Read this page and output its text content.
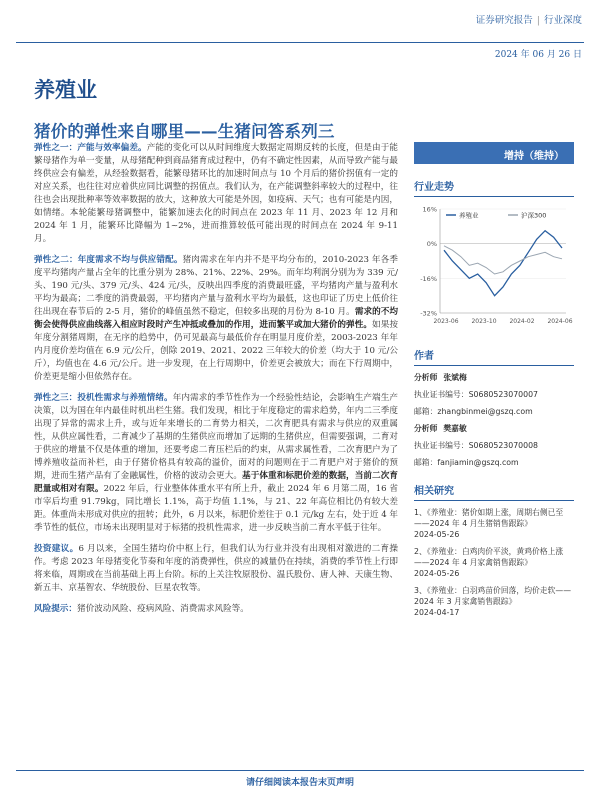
证券研究报告 | 行业深度
2024 年 06 月 26 日
养殖业
猪价的弹性来自哪里——生猪问答系列三

弹性之一：产能与效率偏差。产能的变化可以从时间维度大数据定周期反转的长度，但是由于能繁母猪作为单一变量，从母猪配种到商品猪育成过程中，仍有不确定性因素，从而导致产能与最终供应会有偏差，从经验数据看，能繁母猪环比的加速时间点与 10 个月后的猪价拐值有一定的对应关系，也往往对应着供应同比调整的拐值点。我们认为，在产能调整斜率较大的过程中，往往也会出现批种率等效率数据的放大，这种放大可能是外因，如疫病、天气；也有可能是内因，如情绪。本轮能繁母猪调整中，能繁加速去化的时间点在 2023 年 11 月、2023 年 12 月和 2024 年 1 月，能繁环比降幅为 1~2%，进而推算较低可能出现的时间点在 2024 年 9-11 月。

弹性之二：年度需求不均与供应错配。猪肉需求在年内并不是平均分布的，2010-2023 年各季度平均猪肉产量占全年的比重分别为 28%、21%、22%、29%。而年均利润分别为为 339 元/头、190 元/头、379 元/头、424 元/头，反映出四季度的消费最旺盛，平均猪肉产量与盈利水平均为最高；二季度的消费最弱，平均猪肉产量与盈利水平均为最低，这也印证了历史上低价往往出现在春节后的 2-5 月，猪价的峰值虽然不稳定，但较多出现的月份为 8-10 月。需求的不均衡会使得供应曲线落入相应时段时产生冲抵或叠加的作用，进而繁平或加大猪价的弹性。如果按年度分割猪周期，在无序的趋势中，仍可见最高与最低价存在明显月度价差，2003-2023 年年内月度价差均值在 6.9 元/公斤，创除 2019、2021、2022 三年较大的价差（均大于 10 元/公斤），均值也在 4.6 元/公斤。进一步发现，在上行周期中，价差更会被放大；而在下行周期中，价差更是缩小但依然存在。

弹性之三：投机性需求与养殖情绪。年内需求的季节性作为一个经验性结论，会影响生产端生产决策，以为国在年内最佳时机出栏生猪。我们发现，相比于年度稳定的需求趋势，年内二三季度出现了异常的需求上升，或与近年来增长的二育势力相关，二次育肥具有需求与供应的双重属性，从供应属性看，二育减少了基期的生猪供应而增加了远期的生猪供应，但需要强调，二育对于供应的增量不仅是体重的增加，还要考虑二育压栏后的约束，从需求属性看，二次育肥户为了博养殖收益而补栏，由于仔猪价格具有较高的溢价，面对的问题则在于二育肥户对于猪价的预期，进而生猪产品有了金融属性，价格的波动会更大。基于体重和标肥价差的数据，当前二次育肥量或相对有限。2022 年后，行业整体体重水平有所上升，截止 2024 年 6 月第二周，16 省市宰后均重 91.79kg，同比增长 1.1%，高于均值 1.1%，与 21、22 年高位相比仍有较大差距。体重尚未形成对供应的扭转；此外，6 月以来，标肥价差往于 0.1 元/kg 左右，处于近 4 年季节性的低位，市场未出现明显对于标猪的投机性需求，进一步反映当前二育水平低于往年。

投资建议。6 月以来，全国生猪均价中枢上行，但我们认为行业并没有出现相对激进的二育操作。考虑 2023 年母猪变化节奏和年度的消费弹性，供应的减量仍在持续，消费的季节性上行即将来临，周期或在当前基础上再上台阶。标的上关注牧原股份、温氏股份、唐人神、天康生物、新五丰、京基智农、华统股份、巨星农牧等。

风险提示：猪价波动风险、疫病风险、消费需求风险等。

增持（维持）
行业走势
16%
0%
-16%
-32%
2023-06 2023-10 2024-02 2024-06
养殖业	沪深300
作者
分析师 张斌梅
执业证书编号：S0680523070007
邮箱：zhangbinmei@gszq.com
分析师 樊嘉敏
执业证书编号：S0680523070008
邮箱：fanjiamin@gszq.com
相关研究
1、《养殖业：猪价如期上涨，周期右侧已至——2024 年 4 月生猪销售跟踪》
2024-05-26
2、《养殖业：白鸡肉价平淡，黄鸡价格上涨——2024 年 4 月家禽销售跟踪》
2024-05-26
3、《养殖业：白羽鸡苗价回落，均价走软——2024 年 3 月家禽销售跟踪》
2024-04-17
请仔细阅读本报告末页声明
